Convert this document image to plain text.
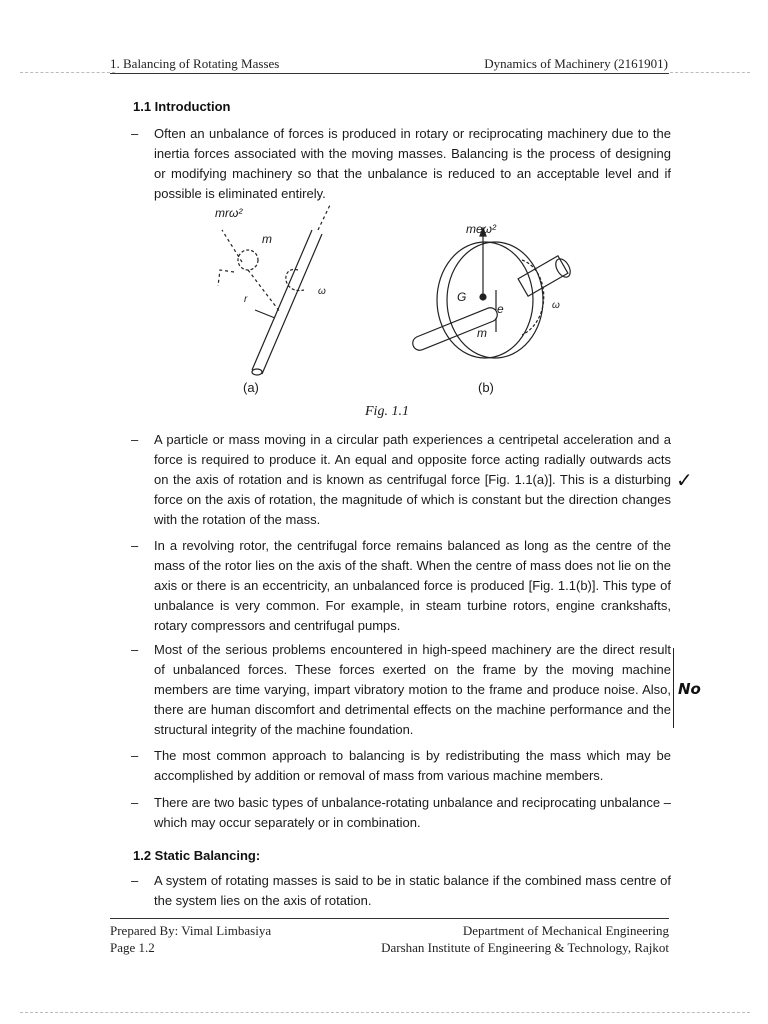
1. Balancing of Rotating Masses	Dynamics of Machinery (2161901)
1.1 Introduction
–	Often an unbalance of forces is produced in rotary or reciprocating machinery due to the inertia forces associated with the moving masses. Balancing is the process of designing or modifying machinery so that the unbalance is reduced to an acceptable level and if possible is eliminated entirely.
mrω²
m
r
ω
meω²
G
e
m
ω
(a)	(b)
Fig. 1.1
–	A particle or mass moving in a circular path experiences a centripetal acceleration and a force is required to produce it. An equal and opposite force acting radially outwards acts on the axis of rotation and is known as centrifugal force [Fig. 1.1(a)]. This is a disturbing force on the axis of rotation, the magnitude of which is constant but the direction changes with the rotation of the mass.
–	In a revolving rotor, the centrifugal force remains balanced as long as the centre of the mass of the rotor lies on the axis of the shaft. When the centre of mass does not lie on the axis or there is an eccentricity, an unbalanced force is produced [Fig. 1.1(b)]. This type of unbalance is very common. For example, in steam turbine rotors, engine crankshafts, rotary compressors and centrifugal pumps.
–	Most of the serious problems encountered in high-speed machinery are the direct result of unbalanced forces. These forces exerted on the frame by the moving machine members are time varying, impart vibratory motion to the frame and produce noise. Also, there are human discomfort and detrimental effects on the machine performance and the structural integrity of the machine foundation.
–	The most common approach to balancing is by redistributing the mass which may be accomplished by addition or removal of mass from various machine members.
–	There are two basic types of unbalance-rotating unbalance and reciprocating unbalance – which may occur separately or in combination.
1.2 Static Balancing:
–	A system of rotating masses is said to be in static balance if the combined mass centre of the system lies on the axis of rotation.
✓
No
Prepared By: Vimal Limbasiya
Page 1.2
Department of Mechanical Engineering
Darshan Institute of Engineering & Technology, Rajkot
